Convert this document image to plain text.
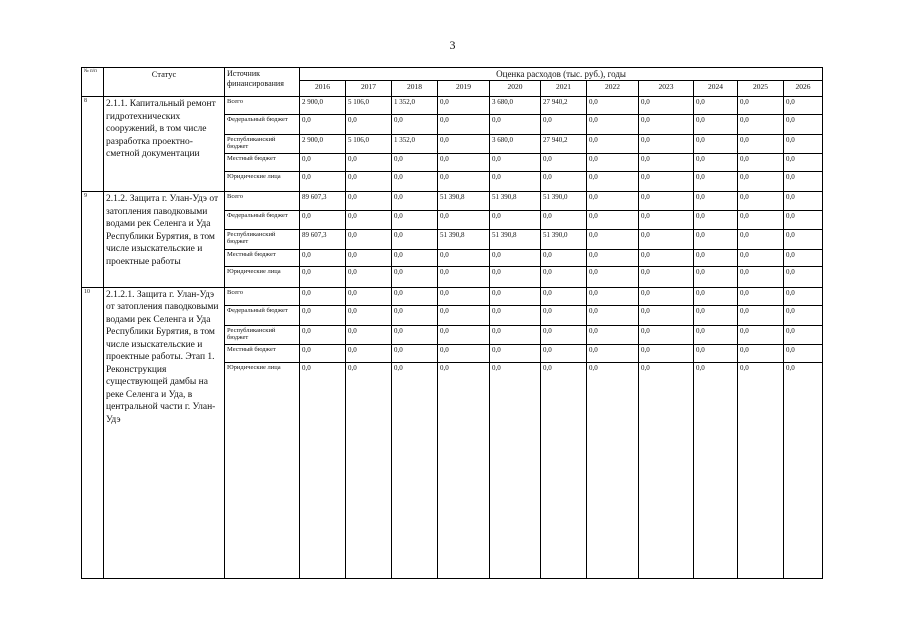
3
№ п/п	Статус	Источник финансирования	Оценка расходов (тыс. руб.), годы										
			2016	2017	2018	2019	2020	2021	2022	2023	2024	2025	2026
8	2.1.1. Капитальный ремонт гидротехнических сооружений, в том числе разработка проектно-сметной документации	Всего	2 900,0	5 106,0	1 352,0	0,0	3 680,0	27 940,2	0,0	0,0	0,0	0,0	0,0
		Федеральный бюджет	0,0	0,0	0,0	0,0	0,0	0,0	0,0	0,0	0,0	0,0	0,0
		Республиканский бюджет	2 900,0	5 106,0	1 352,0	0,0	3 680,0	27 940,2	0,0	0,0	0,0	0,0	0,0
		Местный бюджет	0,0	0,0	0,0	0,0	0,0	0,0	0,0	0,0	0,0	0,0	0,0
		Юридические лица	0,0	0,0	0,0	0,0	0,0	0,0	0,0	0,0	0,0	0,0	0,0
9	2.1.2. Защита г. Улан-Удэ от затопления паводковыми водами рек Селенга и Уда Республики Бурятия, в том числе изыскательские и проектные работы	Всего	89 607,3	0,0	0,0	51 390,8	51 390,8	51 390,0	0,0	0,0	0,0	0,0	0,0
		Федеральный бюджет	0,0	0,0	0,0	0,0	0,0	0,0	0,0	0,0	0,0	0,0	0,0
		Республиканский бюджет	89 607,3	0,0	0,0	51 390,8	51 390,8	51 390,0	0,0	0,0	0,0	0,0	0,0
		Местный бюджет	0,0	0,0	0,0	0,0	0,0	0,0	0,0	0,0	0,0	0,0	0,0
		Юридические лица	0,0	0,0	0,0	0,0	0,0	0,0	0,0	0,0	0,0	0,0	0,0
10	2.1.2.1. Защита г. Улан-Удэ от затопления паводковыми водами рек Селенга и Уда Республики Бурятия, в том числе изыскательские и проектные работы. Этап 1. Реконструкция существующей дамбы на реке Селенга и Уда, в центральной части г. Улан-Удэ	Всего	0,0	0,0	0,0	0,0	0,0	0,0	0,0	0,0	0,0	0,0	0,0
		Федеральный бюджет	0,0	0,0	0,0	0,0	0,0	0,0	0,0	0,0	0,0	0,0	0,0
		Республиканский бюджет	0,0	0,0	0,0	0,0	0,0	0,0	0,0	0,0	0,0	0,0	0,0
		Местный бюджет	0,0	0,0	0,0	0,0	0,0	0,0	0,0	0,0	0,0	0,0	0,0
		Юридические лица	0,0	0,0	0,0	0,0	0,0	0,0	0,0	0,0	0,0	0,0	0,0
